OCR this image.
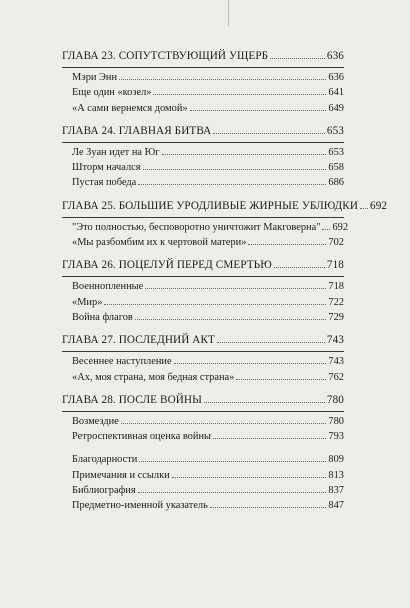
ГЛАВА 23. СОПУТСТВУЮЩИЙ УЩЕРБ	636
Мэри Энн	636
Еще один «козел»	641
«А сами вернемся домой»	649
ГЛАВА 24. ГЛАВНАЯ БИТВА	653
Ле Зуан идет на Юг	653
Шторм начался	658
Пустая победа	686
ГЛАВА 25. БОЛЬШИЕ УРОДЛИВЫЕ ЖИРНЫЕ УБЛЮДКИ 692
"Это полностью, бесповоротно уничтожит Макговерна" 692
«Мы разбомбим их к чертовой матери»	702
ГЛАВА 26. ПОЦЕЛУЙ ПЕРЕД СМЕРТЬЮ	718
Военнопленные	718
«Мир»	722
Война флагов	729
ГЛАВА 27. ПОСЛЕДНИЙ АКТ	743
Весеннее наступление	743
«Ах, моя страна, моя бедная страна»	762
ГЛАВА 28. ПОСЛЕ ВОЙНЫ	780
Возмездие	780
Ретроспективная оценка войны	793
Благодарности	809
Примечания и ссылки	813
Библиография	837
Предметно-именной указатель	847
